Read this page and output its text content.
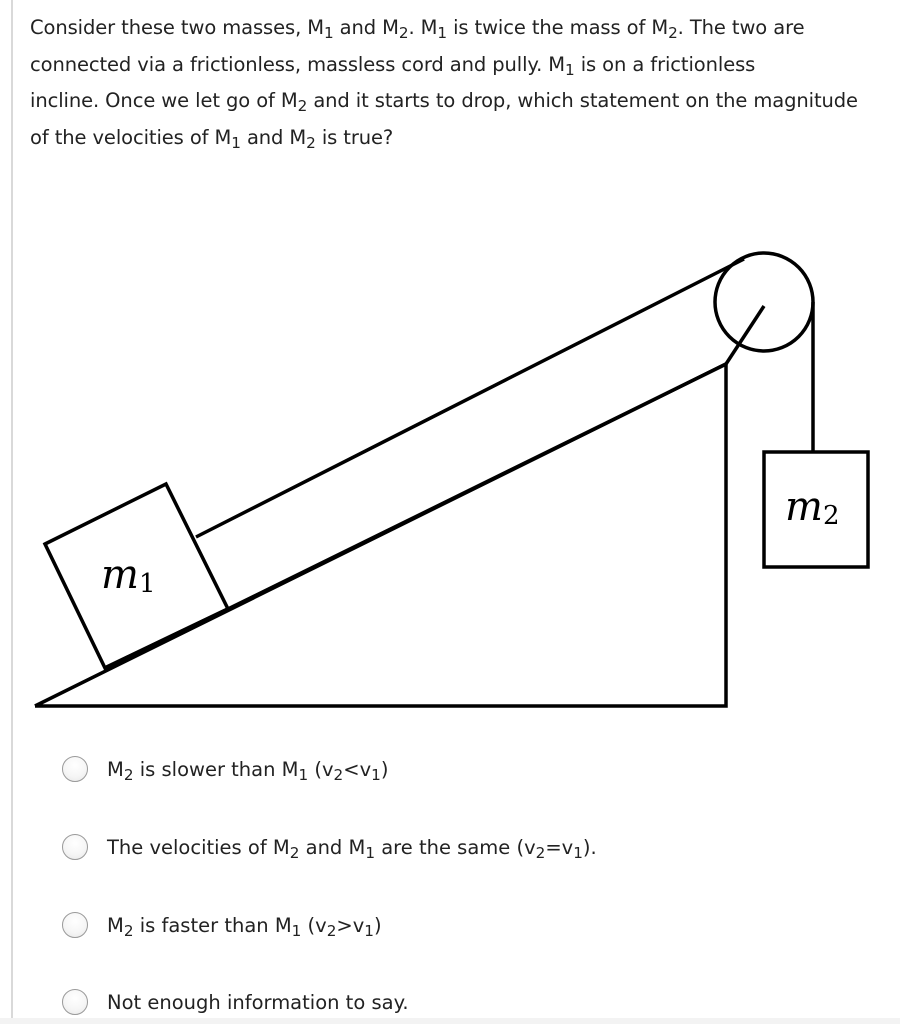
Consider these two masses, $M_1$ and $M_2$. $M_1$ is twice the mass of $M_2$. The two are
connected via a frictionless, massless cord and pully. $M_1$ is on a frictionless
incline. Once we let go of $M_2$ and it starts to drop, which statement on the magnitude
of the velocities of $M_1$ and $M_2$ is true?
m1
m2
$M_2$ is slower than $M_1$ $(v_2<v_1)$
The velocities of $M_2$ and $M_1$ are the same $(v_2=v_1)$.
$M_2$ is faster than $M_1$ $(v_2>v_1)$
Not enough information to say.
